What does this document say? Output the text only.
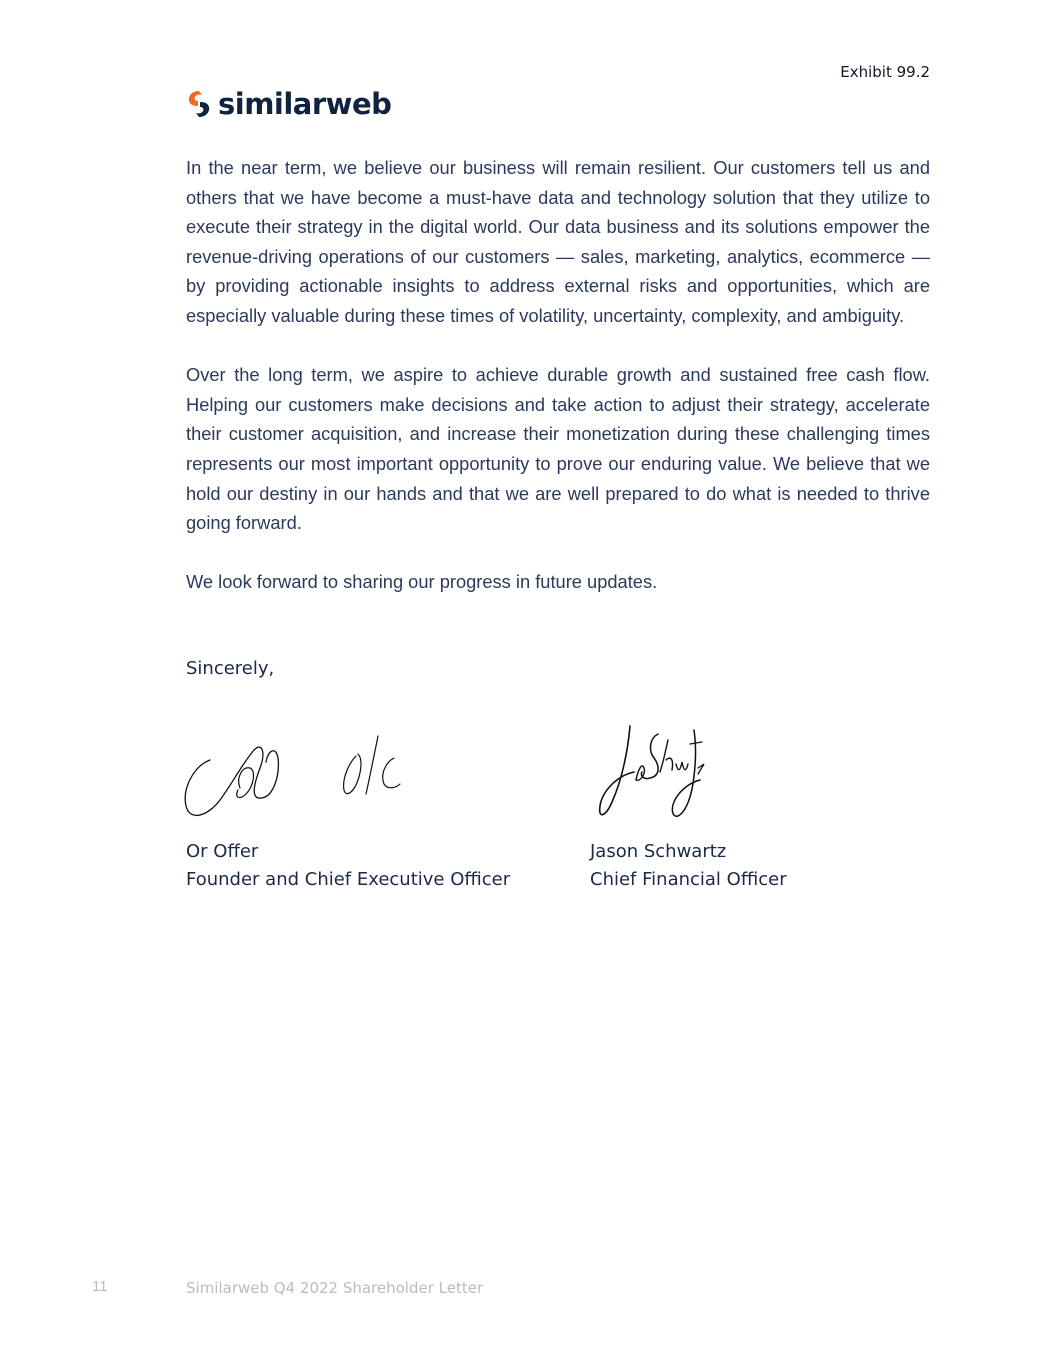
Exhibit 99.2
similarweb

In the near term, we believe our business will remain resilient. Our customers tell us and others that we have become a must-have data and technology solution that they utilize to execute their strategy in the digital world. Our data business and its solutions empower the revenue-driving operations of our customers — sales, marketing, analytics, ecommerce — by providing actionable insights to address external risks and opportunities, which are especially valuable during these times of volatility, uncertainty, complexity, and ambiguity.

Over the long term, we aspire to achieve durable growth and sustained free cash flow. Helping our customers make decisions and take action to adjust their strategy, accelerate their customer acquisition, and increase their monetization during these challenging times represents our most important opportunity to prove our enduring value. We believe that we hold our destiny in our hands and that we are well prepared to do what is needed to thrive going forward.

We look forward to sharing our progress in future updates.

Sincerely,
Or Offer
Founder and Chief Executive Officer
Jason Schwartz
Chief Financial Officer
11	Similarweb Q4 2022 Shareholder Letter
